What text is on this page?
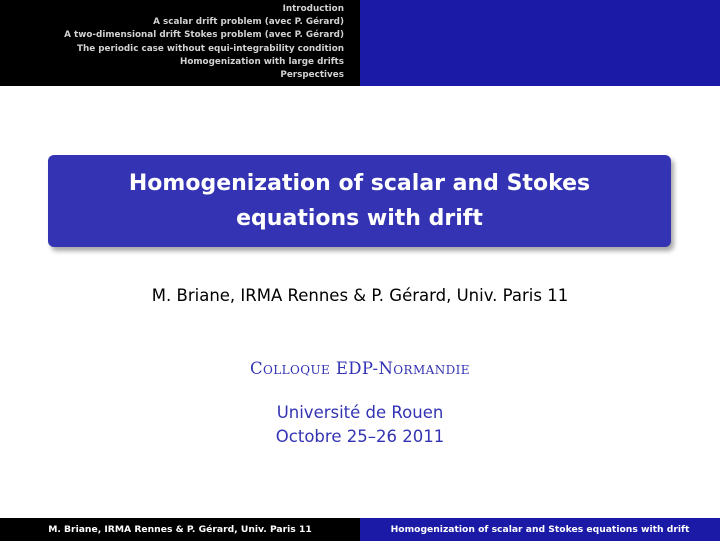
Introduction
A scalar drift problem (avec P. Gérard)
A two-dimensional drift Stokes problem (avec P. Gérard)
The periodic case without equi-integrability condition
Homogenization with large drifts
Perspectives
Homogenization of scalar and Stokes
equations with drift
M. Briane, IRMA Rennes & P. Gérard, Univ. Paris 11
Colloque EDP-Normandie
Université de Rouen
Octobre 25–26 2011
M. Briane, IRMA Rennes & P. Gérard, Univ. Paris 11	Homogenization of scalar and Stokes equations with drift
